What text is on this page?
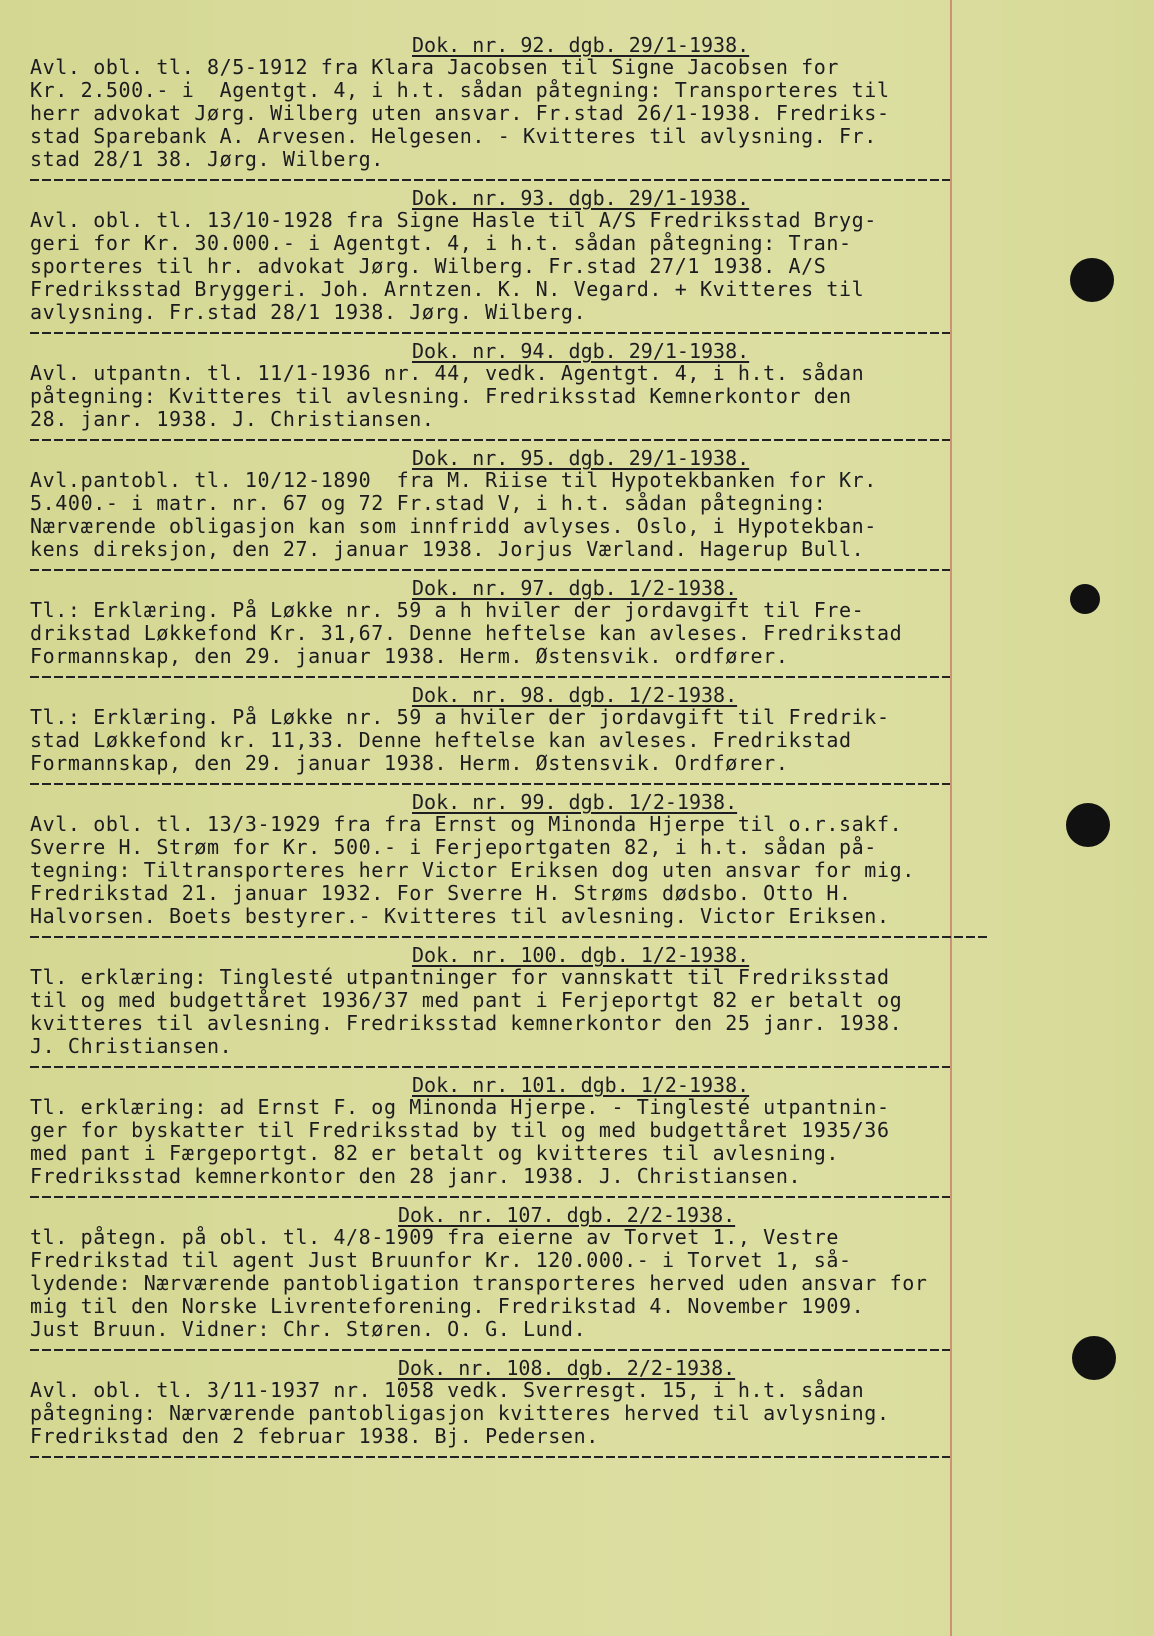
Dok. nr. 92. dgb. 29/1-1938.
Avl. obl. tl. 8/5-1912 fra Klara Jacobsen til Signe Jacobsen for
Kr. 2.500.- i  Agentgt. 4, i h.t. sådan påtegning: Transporteres til
herr advokat Jørg. Wilberg uten ansvar. Fr.stad 26/1-1938. Fredriks-
stad Sparebank A. Arvesen. Helgesen. - Kvitteres til avlysning. Fr.
stad 28/1 38. Jørg. Wilberg.
Dok. nr. 93. dgb. 29/1-1938.
Avl. obl. tl. 13/10-1928 fra Signe Hasle til A/S Fredriksstad Bryg-
geri for Kr. 30.000.- i Agentgt. 4, i h.t. sådan påtegning: Tran-
sporteres til hr. advokat Jørg. Wilberg. Fr.stad 27/1 1938. A/S
Fredriksstad Bryggeri. Joh. Arntzen. K. N. Vegard. + Kvitteres til
avlysning. Fr.stad 28/1 1938. Jørg. Wilberg.
Dok. nr. 94. dgb. 29/1-1938.
Avl. utpantn. tl. 11/1-1936 nr. 44, vedk. Agentgt. 4, i h.t. sådan
påtegning: Kvitteres til avlesning. Fredriksstad Kemnerkontor den
28. janr. 1938. J. Christiansen.
Dok. nr. 95. dgb. 29/1-1938.
Avl.pantobl. tl. 10/12-1890  fra M. Riise til Hypotekbanken for Kr.
5.400.- i matr. nr. 67 og 72 Fr.stad V, i h.t. sådan påtegning:
Nærværende obligasjon kan som innfridd avlyses. Oslo, i Hypotekban-
kens direksjon, den 27. januar 1938. Jorjus Værland. Hagerup Bull.
Dok. nr. 97. dgb. 1/2-1938.
Tl.: Erklæring. På Løkke nr. 59 a h hviler der jordavgift til Fre-
drikstad Løkkefond Kr. 31,67. Denne heftelse kan avleses. Fredrikstad
Formannskap, den 29. januar 1938. Herm. Østensvik. ordfører.
Dok. nr. 98. dgb. 1/2-1938.
Tl.: Erklæring. På Løkke nr. 59 a hviler der jordavgift til Fredrik-
stad Løkkefond kr. 11,33. Denne heftelse kan avleses. Fredrikstad
Formannskap, den 29. januar 1938. Herm. Østensvik. Ordfører.
Dok. nr. 99. dgb. 1/2-1938.
Avl. obl. tl. 13/3-1929 fra fra Ernst og Minonda Hjerpe til o.r.sakf.
Sverre H. Strøm for Kr. 500.- i Ferjeportgaten 82, i h.t. sådan på-
tegning: Tiltransporteres herr Victor Eriksen dog uten ansvar for mig.
Fredrikstad 21. januar 1932. For Sverre H. Strøms dødsbo. Otto H.
Halvorsen. Boets bestyrer.- Kvitteres til avlesning. Victor Eriksen.
Dok. nr. 100. dgb. 1/2-1938.
Tl. erklæring: Tinglesté utpantninger for vannskatt til Fredriksstad
til og med budgettåret 1936/37 med pant i Ferjeportgt 82 er betalt og
kvitteres til avlesning. Fredriksstad kemnerkontor den 25 janr. 1938.
J. Christiansen.
Dok. nr. 101. dgb. 1/2-1938.
Tl. erklæring: ad Ernst F. og Minonda Hjerpe. - Tinglesté utpantnin-
ger for byskatter til Fredriksstad by til og med budgettåret 1935/36
med pant i Færgeportgt. 82 er betalt og kvitteres til avlesning.
Fredriksstad kemnerkontor den 28 janr. 1938. J. Christiansen.
Dok. nr. 107. dgb. 2/2-1938.
tl. påtegn. på obl. tl. 4/8-1909 fra eierne av Torvet 1., Vestre
Fredrikstad til agent Just Bruunfor Kr. 120.000.- i Torvet 1, så-
lydende: Nærværende pantobligation transporteres herved uden ansvar for
mig til den Norske Livrenteforening. Fredrikstad 4. November 1909.
Just Bruun. Vidner: Chr. Støren. O. G. Lund.
Dok. nr. 108. dgb. 2/2-1938.
Avl. obl. tl. 3/11-1937 nr. 1058 vedk. Sverresgt. 15, i h.t. sådan
påtegning: Nærværende pantobligasjon kvitteres herved til avlysning.
Fredrikstad den 2 februar 1938. Bj. Pedersen.
